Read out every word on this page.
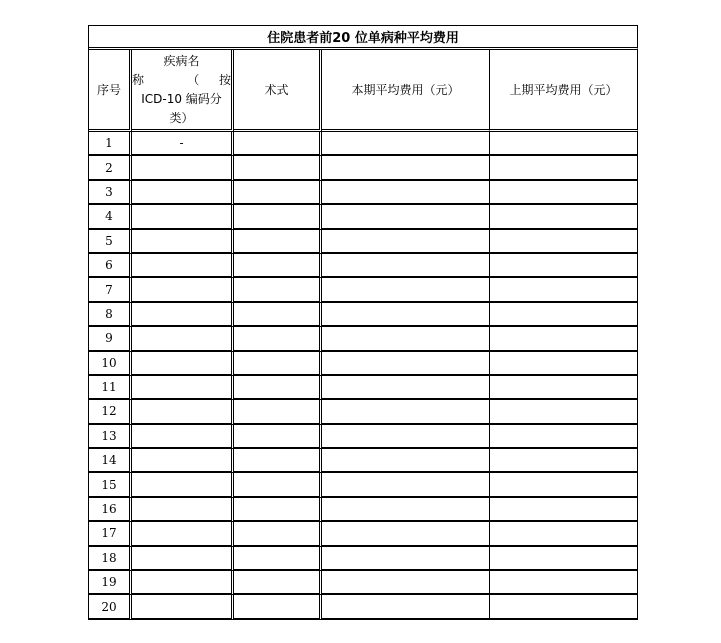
住院患者前20 位单病种平均费用				
序号	疾病名
称 （按
ICD-10 编码分
类）	术式	本期平均费用（元）	上期平均费用（元）
1	-			
2				
3				
4				
5				
6				
7				
8				
9				
10				
11				
12				
13				
14				
15				
16				
17				
18				
19				
20				
